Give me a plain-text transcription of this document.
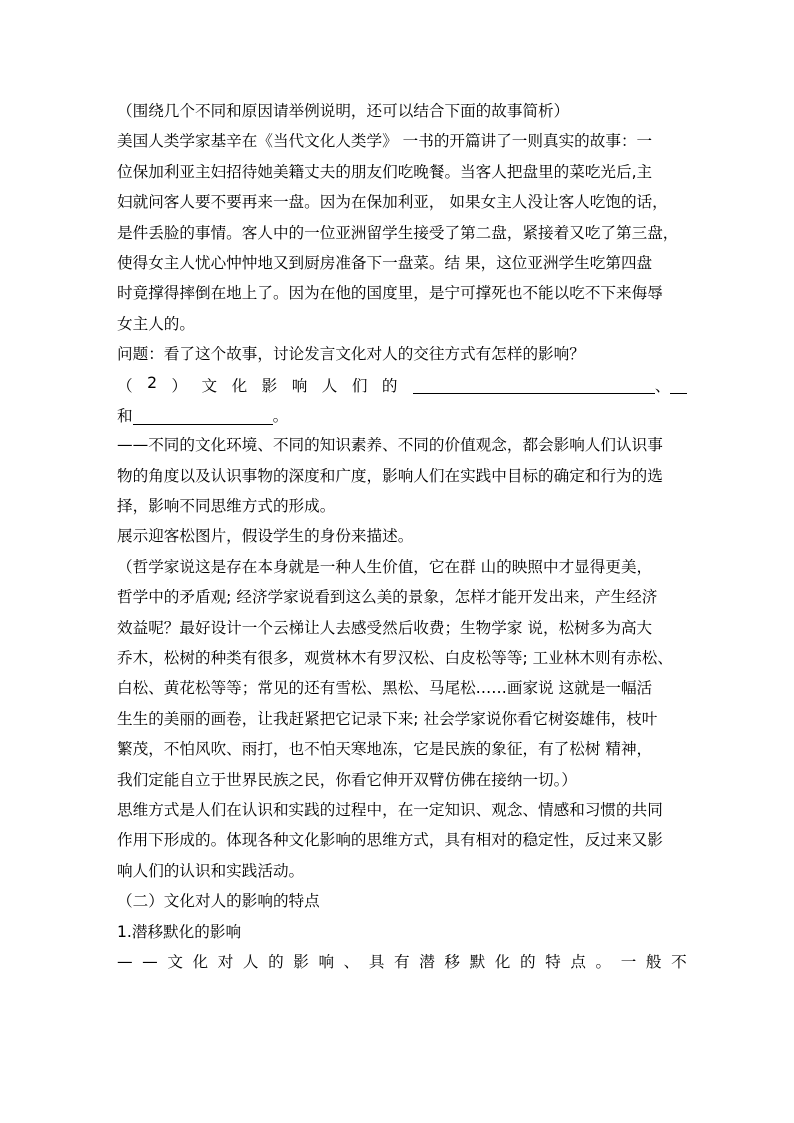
（围绕几个不同和原因请举例说明，还可以结合下面的故事简析）

美国人类学家基辛在《当代文化人类学》 一书的开篇讲了一则真实的故事：一

位保加利亚主妇招待她美籍丈夫的朋友们吃晚餐。当客人把盘里的菜吃光后,主

妇就问客人要不要再来一盘。因为在保加利亚， 如果女主人没让客人吃饱的话，

是件丢脸的事情。客人中的一位亚洲留学生接受了第二盘，紧接着又吃了第三盘，

使得女主人忧心忡忡地又到厨房准备下一盘菜。结 果，这位亚洲学生吃第四盘

时竟撑得摔倒在地上了。因为在他的国度里，是宁可撑死也不能以吃不下来侮辱

女主人的。

问题：看了这个故事，讨论发言文化对人的交往方式有怎样的影响？

（ 2 ） 文 化 影 响 人 们 的	、
和	。

——不同的文化环境、不同的知识素养、不同的价值观念，都会影响人们认识事

物的角度以及认识事物的深度和广度，影响人们在实践中目标的确定和行为的选

择，影响不同思维方式的形成。

展示迎客松图片，假设学生的身份来描述。

（哲学家说这是存在本身就是一种人生价值，它在群 山的映照中才显得更美，

哲学中的矛盾观; 经济学家说看到这么美的景象，怎样才能开发出来，产生经济

效益呢？最好设计一个云梯让人去感受然后收费；生物学家 说，松树多为高大

乔木，松树的种类有很多，观赏林木有罗汉松、白皮松等等; 工业林木则有赤松、

白松、黄花松等等；常见的还有雪松、黑松、马尾松……画家说 这就是一幅活

生生的美丽的画卷，让我赶紧把它记录下来; 社会学家说你看它树姿雄伟，枝叶

繁茂，不怕风吹、雨打，也不怕天寒地冻，它是民族的象征，有了松树 精神，

我们定能自立于世界民族之民，你看它伸开双臂仿佛在接纳一切。）

思维方式是人们在认识和实践的过程中，在一定知识、观念、情感和习惯的共同

作用下形成的。体现各种文化影响的思维方式，具有相对的稳定性，反过来又影

响人们的认识和实践活动。

（二）文化对人的影响的特点

1.潜移默化的影响

— — 文 化 对 人 的 影 响 、 具 有 潜 移 默 化 的 特 点 。 一 般 不
